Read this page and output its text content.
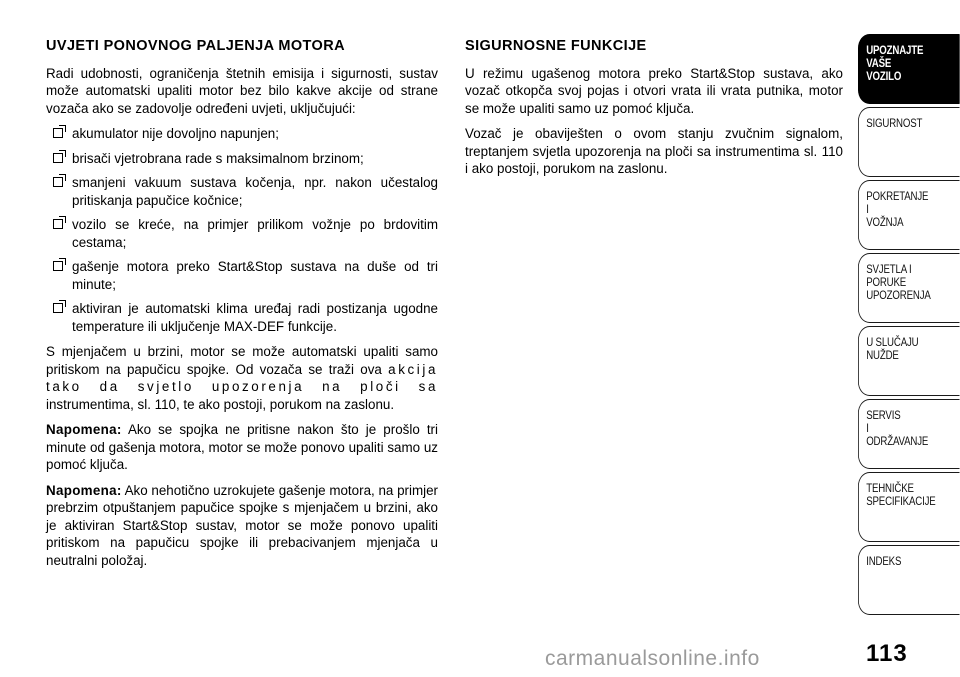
UVJETI PONOVNOG PALJENJA MOTORA

Radi udobnosti, ograničenja štetnih emisija i sigurnosti, sustav može automatski upaliti motor bez bilo kakve akcije od strane vozača ako se zadovolje određeni uvjeti, uključujući:

akumulator nije dovoljno napunjen;
brisači vjetrobrana rade s maksimalnom brzinom;
smanjeni vakuum sustava kočenja, npr. nakon učestalog pritiskanja papučice kočnice;
vozilo se kreće, na primjer prilikom vožnje po brdovitim cestama;
gašenje motora preko Start&Stop sustava na duše od tri minute;
aktiviran je automatski klima uređaj radi postizanja ugodne temperature ili uključenje MAX-DEF funkcije.

S mjenjačem u brzini, motor se može automatski upaliti samo pritiskom na papučicu spojke. Od vozača se traži ova akcija tako da svjetlo upozorenja na ploči sa instrumentima, sl. 110, te ako postoji, porukom na zaslonu.

Napomena: Ako se spojka ne pritisne nakon što je prošlo tri minute od gašenja motora, motor se može ponovo upaliti samo uz pomoć ključa.

Napomena: Ako nehotično uzrokujete gašenje motora, na primjer prebrzim otpuštanjem papučice spojke s mjenjačem u brzini, ako je aktiviran Start&Stop sustav, motor se može ponovo upaliti pritiskom na papučicu spojke ili prebacivanjem mjenjača u neutralni položaj.

SIGURNOSNE FUNKCIJE

U režimu ugašenog motora preko Start&Stop sustava, ako vozač otkopča svoj pojas i otvori vrata ili vrata putnika, motor se može upaliti samo uz pomoć ključa.

Vozač je obaviješten o ovom stanju zvučnim signalom, treptanjem svjetla upozorenja na ploči sa instrumentima sl. 110 i ako postoji, porukom na zaslonu.

UPOZNAJTE
VAŠE
VOZILO
SIGURNOST
POKRETANJE
I
VOŽNJA
SVJETLA I
PORUKE
UPOZORENJA
U SLUČAJU
NUŽDE
SERVIS
I
ODRŽAVANJE
TEHNIČKE
SPECIFIKACIJE
INDEKS
113
carmanualsonline.info
